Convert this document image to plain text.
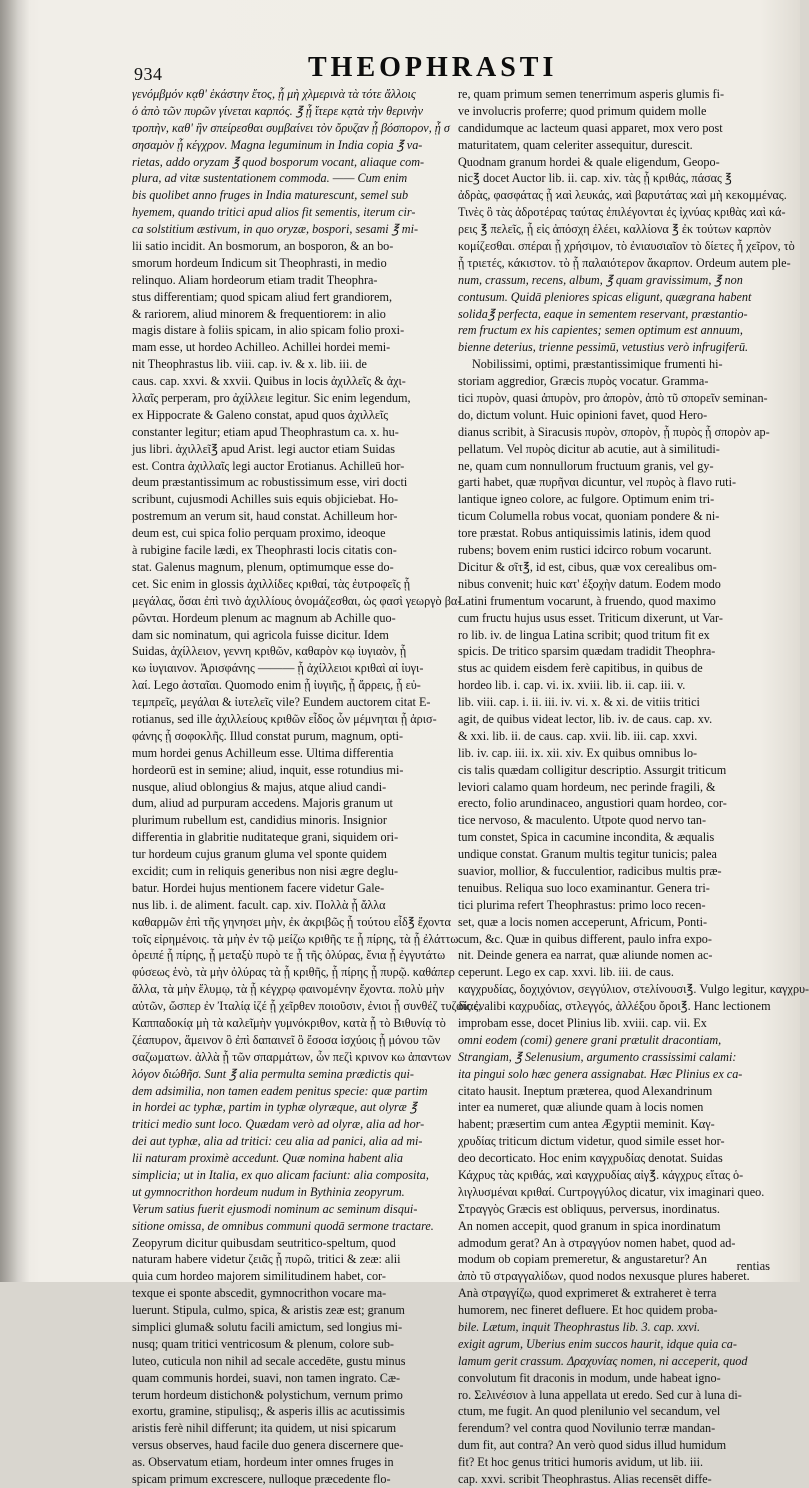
934	THEOPHRASTI
γενόμβμόν κᾳθ' ἑκάστην ἔτος, ᾗ μὴ χλμερινὰ τὰ τότε ἄλλοις
ὁ ἀπὸ τῶν πυρῶν γίνεται καρπός. ℥ ᾗ ἴτερε κᾳτὰ τὴν θερινὴν
τροπὴν, καθ' ἣν σπείρεσθαι συμβαίνει τὸν ὄρυζαν ᾗ βόσπορον, ᾗ σ
σησαμὸν ᾗ κέγχρον. Magna leguminum in India copia ℥ va-
rietas, addo oryzam ℥ quod bosporum vocant, aliaque com-
plura, ad vitæ sustentationem commoda. —— Cum enim
bis quolibet anno fruges in India maturescunt, semel sub
hyemem, quando tritici apud alios fit sementis, iterum cir-
ca solstitium æstivum, in quo oryzæ, bospori, sesami ℥ mi-
lii satio incidit. An bosmorum, an bosporon, & an bo-
smorum hordeum Indicum sit Theophrasti, in medio
relinquo. Aliam hordeorum etiam tradit Theophra-
stus differentiam; quod spicam aliud fert grandiorem,
& rariorem, aliud minorem & frequentiorem: in alio
magis distare à foliis spicam, in alio spicam folio proxi-
mam esse, ut hordeo Achilleo. Achillei hordei memi-
nit Theophrastus lib. viii. cap. iv. & x. lib. iii. de
caus. cap. xxvi. & xxvii. Quibus in locis ἀχιλλεῖς & ἀχι-
λλαῖς perperam, pro ἀχίλλειε legitur. Sic enim legendum,
ex Hippocrate & Galeno constat, apud quos ἀχιλλεῖς
constanter legitur; etiam apud Theophrastum ca. x. hu-
jus libri. ἀχιλλεῖ℥ apud Arist. legi auctor etiam Suidas
est. Contra ἀχιλλαῖς legi auctor Erotianus. Achilleū hor-
deum præstantissimum ac robustissimum esse, viri docti
scribunt, cujusmodi Achilles suis equis objiciebat. Ho-
postremum an verum sit, haud constat. Achilleum hor-
deum est, cui spica folio perquam proximo, ideoque
à rubigine facile lædi, ex Theophrasti locis citatis con-
stat. Galenus magnum, plenum, optimumque esse do-
cet. Sic enim in glossis ἀχιλλίδες κριθαί, τὰς ἐυτροφεῖς ᾗ
μεγάλας, ὅσαι ἐπὶ τινὸ ἀχιλλίους ὀνομάζεσθαι, ὡς φασὶ γεωργὸ βα-
ρῶνται. Hordeum plenum ac magnum ab Achille quo-
dam sic nominatum, qui agricola fuisse dicitur. Idem
Suidas, ἀχίλλειον, γεννη κριθῶν, καθαρὸν κῳ ἰυγιαὸν, ᾗ
κω ἰυγιαινον. Ἀρισφάνης ——— ᾗ ἀχίλλειοι κριθαὶ αἱ ἰυγι-
λαί. Lego ἀσταῖαι. Quomodo enim ᾗ ἰυγιῆς, ᾗ ἄρρεις, ᾗ εὐ-
τεμπρεῖς, μεγάλαι & ἰυτελεῖς vile? Eundem auctorem citat E-
rotianus, sed ille ἀχιλλείους κριθῶν εἶδος ὧν μέμνηται ᾗ ἀρισ-
φάνης ᾗ σοφοκλῆς. Illud constat purum, magnum, opti-
mum hordei genus Achilleum esse. Ultima differentia
hordeorū est in semine; aliud, inquit, esse rotundius mi-
nusque, aliud oblongius & majus, atque aliud candi-
dum, aliud ad purpuram accedens. Majoris granum ut
plurimum rubellum est, candidius minoris. Insignior
differentia in glabritie nuditateque grani, siquidem ori-
tur hordeum cujus granum gluma vel sponte quidem
excidit; cum in reliquis generibus non nisi ægre deglu-
batur. Hordei hujus mentionem facere videtur Gale-
nus lib. i. de aliment. facult. cap. xiv. Πολλὰ ᾗ ἄλλα
καθαρμῶν ἐπὶ τῆς γηνησει μὴν, ἐκ ἀκριβῶς ᾗ τούτου εἶδ℥ ἔχοντα
τοῖς εἰρημένοις. τὰ μὴν ἐν τῷ μείζω κριθῆς τε ᾗ πίρης, τὰ ᾗ ἐλάττω
ὀρειπέ ᾗ πίρης, ᾗ μεταξὺ πυρὸ τε ᾗ τῆς ὀλύρας, ἔνια ᾗ ἐγγυτάτω
φύσεως ἑνὸ, τὰ μὴν ὀλύρας τὰ ᾗ κριθῆς, ᾗ πίρης ᾗ πυρῷ. καθάπερ
ἄλλα, τὰ μὴν ἔλυμῳ, τὰ ᾗ κέγχρῳ φαινομένην ἔχοντα. πολὺ μὴν
αὐτῶν, ὥσπερ ἐν Ἰταλίᾳ ἰζέ ᾗ χεῖρθεν ποιοῦσιν, ἐνιοι ᾗ συνθέζ τυζαὶς ἐν
Καππαδοκίᾳ μὴ τὰ καλεῖμὴν γυμνόκριθον, κατὰ ᾗ τὸ Βιθυνίᾳ τὸ
ζέαπυρον, ἅμεινον ὃ ἐπὶ δαπαινεῖ ὃ ἔσοσα ἰσχύοις ᾗ μόνου τῶν
σαζωματων. ἀλλὰ ᾗ τῶν σπαρμάτων, ὧν πεζὶ κρινον κω ἀπαντων
λόγον διώθῆσ. Sunt ℥ alia permulta semina prædictis qui-
dem adsimilia, non tamen eadem penitus specie: quæ partim
in hordei ac typhæ, partim in typhæ olyræque, aut olyræ ℥
tritici medio sunt loco. Quædam verò ad olyræ, alia ad hor-
dei aut typhæ, alia ad tritici: ceu alia ad panici, alia ad mi-
lii naturam proximè accedunt. Quæ nomina habent alia
simplicia; ut in Italia, ex quo alicam faciunt: alia composita,
ut gymnocrithon hordeum nudum in Bythinia zeopyrum.
Verum satius fuerit ejusmodi nominum ac seminum disqui-
sitione omissa, de omnibus communi quodā sermone tractare.
Zeopyrum dicitur quibusdam seutritico-speltum, quod
naturam habere videtur ζειᾶς ᾗ πυρῶ, tritici & zeæ: alii
quia cum hordeo majorem similitudinem habet, cor-
texque ei sponte abscedit, gymnocrithon vocare ma-
luerunt. Stipula, culmo, spica, & aristis zeæ est; granum
simplici gluma& solutu facili amictum, sed longius mi-
nusq; quam tritici ventricosum & plenum, colore sub-
luteo, cuticula non nihil ad secale accedēte, gustu minus
quam communis hordei, suavi, non tamen ingrato. Cæ-
terum hordeum distichon& polystichum, vernum primo
exortu, gramine, stipulisq;, & asperis illis ac acutissimis
aristis ferè nihil differunt; ita quidem, ut nisi spicarum
versus observes, haud facile duo genera discernere que-
as. Observatum etiam, hordeum inter omnes fruges in
spicam primum excrescere, nulloque præcedente flo-
re, quam primum semen tenerrimum asperis glumis fi-
ve involucris proferre; quod primum quidem molle
candidumque ac lacteum quasi apparet, mox vero post
maturitatem, quam celeriter assequitur, durescit.
Quodnam granum hordei & quale eligendum, Geopo-
nic℥ docet Auctor lib. ii. cap. xiv. τὰς ᾗ κριθάς, πάσας ℥
ἀδρὰς, φασφάτας ᾗ ϰαὶ λευκάς, ϰαὶ βαρυτάτας ϰαὶ μὴ κεκομμένας.
Τινὲς ὃ τὰς ἀδροτέρας ταύτας ἐπιλέγονται ἐς ἰχνύας κριθὰς ϰαὶ κά-
ρεις ℥ πελεῖς, ᾗ εἰς ἀπόσχη ἐλέει, καλλίονα ℥ ἐκ τούτων καρπὸν
κομίζεσθαι. σπέραι ᾗ χρήσιμον, τὸ ἐνιαυσιαῖον τὸ δίετες ἦ χεῖρον, τὸ
ᾗ τριετές, κάκιστον. τὸ ᾗ παλαιότερον ἄκαρπον. Ordeum autem ple-
num, crassum, recens, album, ℥ quam gravissimum, ℥ non
contusum. Quidā pleniores spicas eligunt, quægrana habent
solida℥ perfecta, eaque in sementem reservant, præstantio-
rem fructum ex his capientes; semen optimum est annuum,
bienne deterius, trienne pessimū, vetustius verò infrugiferū.
Nobilissimi, optimi, præstantissimique frumenti hi-
storiam aggredior, Græcis πυρὸς vocatur. Gramma-
tici πυρὸν, quasi ἀπυρὸν, pro ἀπορὸν, ἀπὸ τῦ σπορεῖν seminan-
do, dictum volunt. Huic opinioni favet, quod Hero-
dianus scribit, à Siracusis πυρὸν, σπορὸν, ᾗ πυρὸς ᾗ σπορὸν ap-
pellatum. Vel πυρὸς dicitur ab acutie, aut à similitudi-
ne, quam cum nonnullorum fructuum granis, vel gy-
garti habet, quæ πυρῆναι dicuntur, vel πυρὸς à flavo ruti-
lantique igneo colore, ac fulgore. Optimum enim tri-
ticum Columella robus vocat, quoniam pondere & ni-
tore præstat. Robus antiquissimis latinis, idem quod
rubens; bovem enim rustici idcirco robum vocarunt.
Dicitur & σῖτ℥, id est, cibus, quæ vox cerealibus om-
nibus convenit; huic κατ' ἐξοχὴν datum. Eodem modo
Latini frumentum vocarunt, à fruendo, quod maximo
cum fructu hujus usus esset. Triticum dixerunt, ut Var-
ro lib. iv. de lingua Latina scribit; quod tritum fit ex
spicis. De tritico sparsim quædam tradidit Theophra-
stus ac quidem eisdem ferè capitibus, in quibus de
hordeo lib. i. cap. vi. ix. xviii. lib. ii. cap. iii. v.
lib. viii. cap. i. ii. iii. iv. vi. x. & xi. de vitiis tritici
agit, de quibus videat lector, lib. iv. de caus. cap. xv.
& xxi. lib. ii. de caus. cap. xvii. lib. iii. cap. xxvi.
lib. iv. cap. iii. ix. xii. xiv. Ex quibus omnibus lo-
cis talis quædam colligitur descriptio. Assurgit triticum
leviori calamo quam hordeum, nec perinde fragili, &
erecto, folio arundinaceo, angustiori quam hordeo, cor-
tice nervoso, & maculento. Utpote quod nervo tan-
tum constet, Spica in cacumine incondita, & æqualis
undique constat. Granum multis tegitur tunicis; palea
suavior, mollior, & fucculentior, radicibus multis præ-
tenuibus. Reliqua suo loco examinantur. Genera tri-
tici plurima refert Theophrastus: primo loco recen-
set, quæ a locis nomen acceperunt, Africum, Ponti-
cum, &c. Quæ in quibus different, paulo infra expo-
nit. Deinde genera ea narrat, quæ aliunde nomen ac-
ceperunt. Lego ex cap. xxvi. lib. iii. de caus.
καγχρυδίας, δοχιχόνιον, σεγγύλιον, στελίνουσι℥. Vulgo legitur, καγχρυ-
δίας, alibi καχρυδίας, στλεγγός, ἀλλέξου ὄροι℥. Hanc lectionem
improbam esse, docet Plinius lib. xviii. cap. vii. Ex
omni eodem (comi) genere grani prætulit dracontiam,
Strangiam, ℥ Selenusium, argumento crassissimi calami:
ita pingui solo hæc genera assignabat. Hæc Plinius ex ca-
citato hausit. Ineptum præterea, quod Alexandrinum
inter ea numeret, quæ aliunde quam à locis nomen
habent; præsertim cum antea Ægyptii meminit. Καγ-
χρυδίας triticum dictum videtur, quod simile esset hor-
deo decorticato. Hoc enim καγχρυδίας denotat. Suidas
Κάχρυς τὰς κριθάς, ϰαὶ καγχρυδίας αἰγ℥. κάγχρυς εἴτας ὁ-
λιγλυσμέναι κριθαί. Curτρογγύλος dicatur, vix imaginari queo.
Στραγγὸς Græcis est obliquus, perversus, inordinatus.
An nomen accepit, quod granum in spica inordinatum
admodum gerat? An à στραγγύον nomen habet, quod ad-
modum ob copiam premeretur, & angustaretur? An
ἀπὸ τῦ στραγγαλίδων, quod nodos nexusque plures haberet.
Anà στραγγίζω, quod exprimeret & extraheret è terra
humorem, nec fineret defluere. Et hoc quidem proba-
bile. Lætum, inquit Theophrastus lib. 3. cap. xxvi.
exigit agrum, Uberius enim succos haurit, idque quia ca-
lamum gerit crassum. Δραχυνίας nomen, ni acceperit, quod
convolutum fit draconis in modum, unde habeat igno-
ro. Σελινέσιον à luna appellata ut eredo. Sed cur à luna di-
ctum, me fugit. An quod plenilunio vel secandum, vel
ferendum? vel contra quod Novilunio terræ mandan-
dum fit, aut contra? An verò quod sidus illud humidum
fit? Et hoc genus tritici humoris avidum, ut lib. iii.
cap. xxvi. scribit Theophrastus. Alias recensēt diffe-
rentias
